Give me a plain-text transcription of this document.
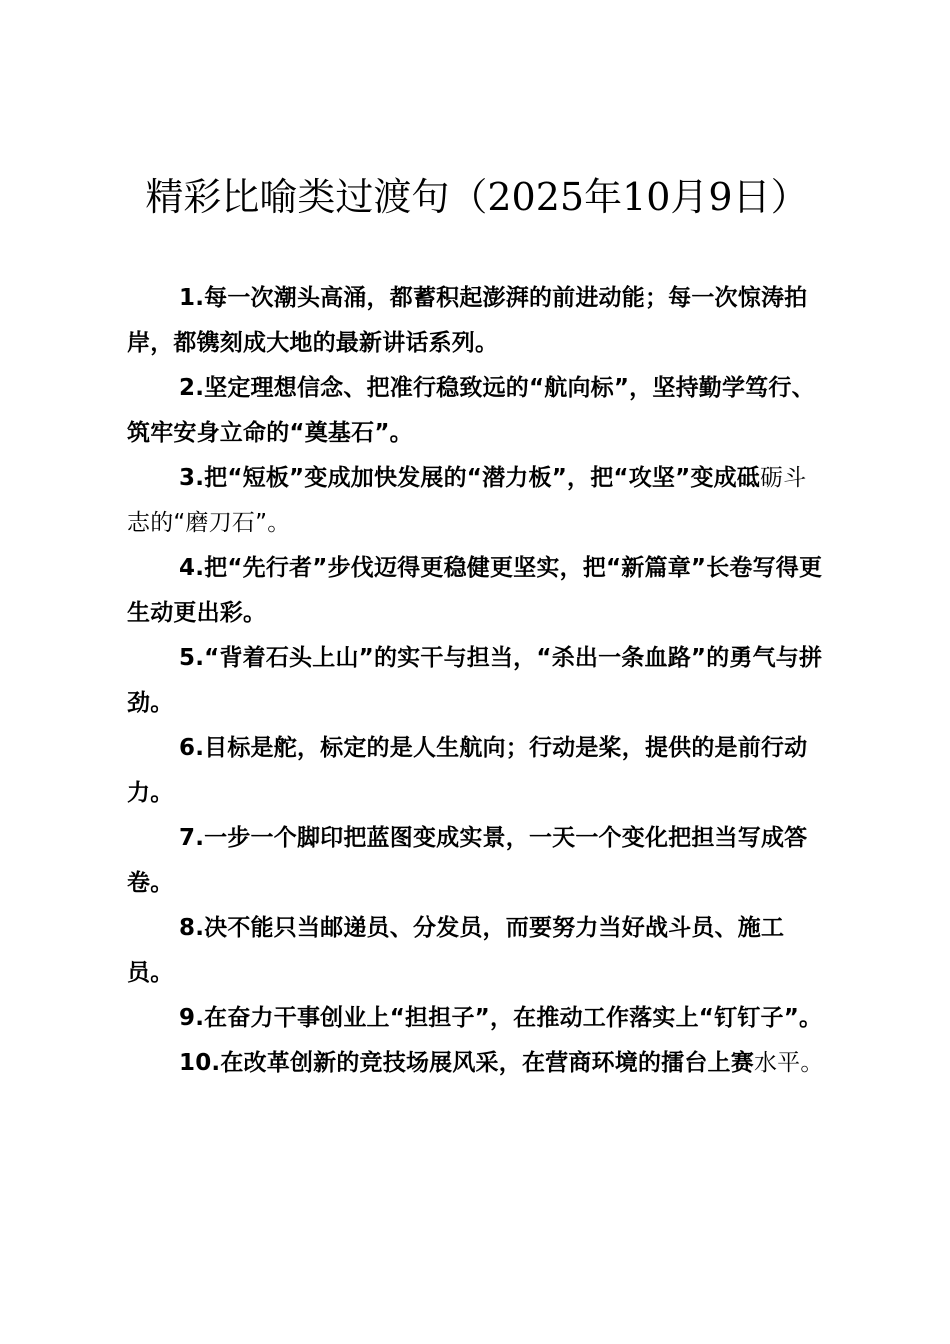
精彩比喻类过渡句（2025年10月9日）

1.每一次潮头高涌，都蓄积起澎湃的前进动能；每一次惊涛拍岸，都镌刻成大地的最新讲话系列。

2.坚定理想信念、把准行稳致远的“航向标”，坚持勤学笃行、筑牢安身立命的“奠基石”。

3.把“短板”变成加快发展的“潜力板”，把“攻坚”变成砥砺斗志的“磨刀石”。

4.把“先行者”步伐迈得更稳健更坚实，把“新篇章”长卷写得更生动更出彩。

5.“背着石头上山”的实干与担当，“杀出一条血路”的勇气与拼劲。

6.目标是舵，标定的是人生航向；行动是桨，提供的是前行动力。

7.一步一个脚印把蓝图变成实景，一天一个变化把担当写成答卷。

8.决不能只当邮递员、分发员，而要努力当好战斗员、施工员。

9.在奋力干事创业上“担担子”，在推动工作落实上“钉钉子”。

10.在改革创新的竞技场展风采，在营商环境的擂台上赛水平。
